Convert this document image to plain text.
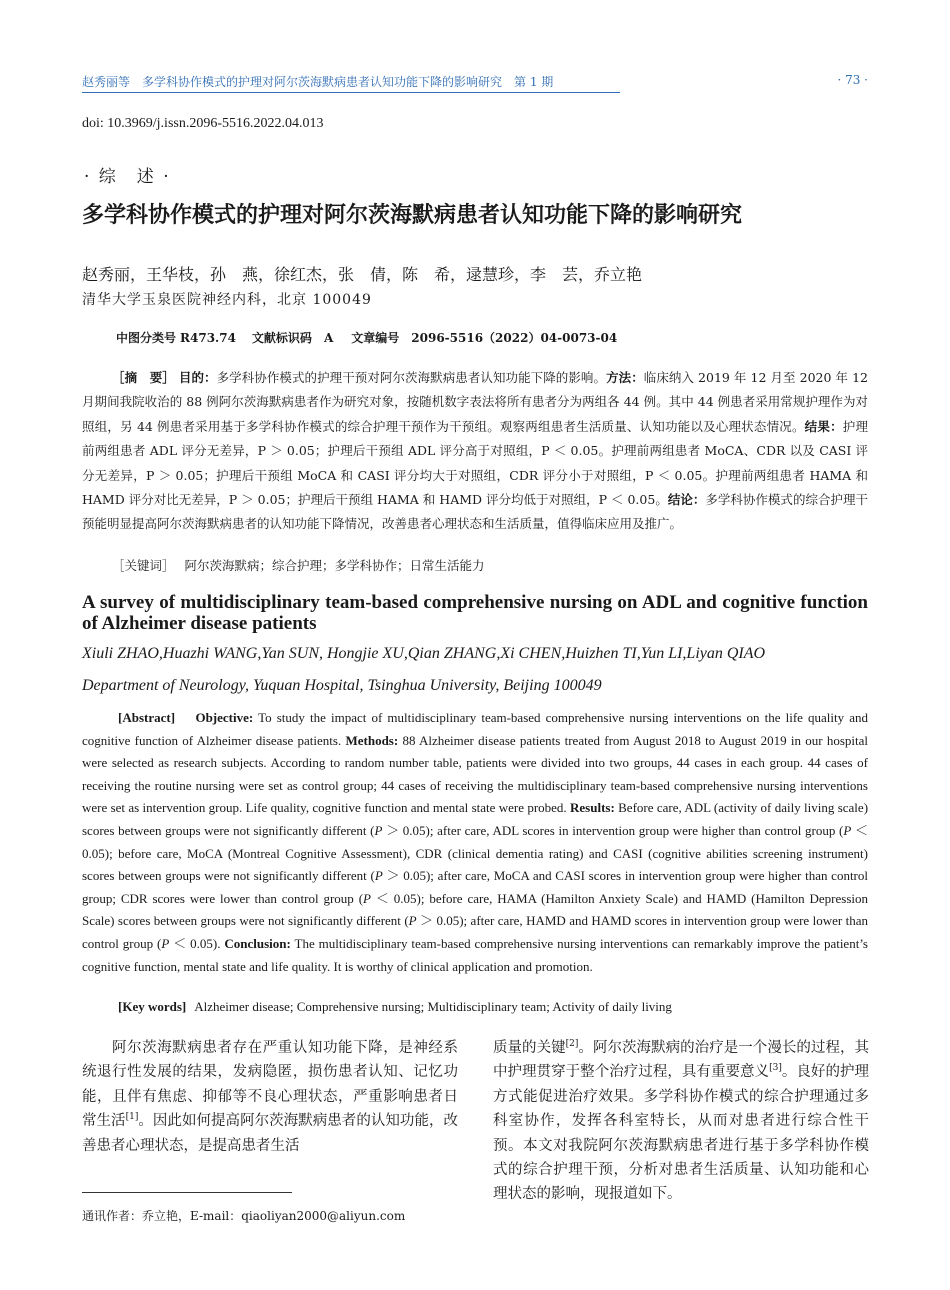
赵秀丽等　多学科协作模式的护理对阿尔茨海默病患者认知功能下降的影响研究　第 1 期	· 73 ·
doi: 10.3969/j.issn.2096-5516.2022.04.013
· 综　述 ·
多学科协作模式的护理对阿尔茨海默病患者认知功能下降的影响研究
赵秀丽，王华枝，孙　燕，徐红杰，张　倩，陈　希，逯慧珍，李　芸，乔立艳
清华大学玉泉医院神经内科，北京 100049
中图分类号 R473.74 文献标识码 A 文章编号 2096-5516（2022）04-0073-04

［摘　要］ 目的：多学科协作模式的护理干预对阿尔茨海默病患者认知功能下降的影响。方法：临床纳入 2019 年 12 月至 2020 年 12 月期间我院收治的 88 例阿尔茨海默病患者作为研究对象，按随机数字表法将所有患者分为两组各 44 例。其中 44 例患者采用常规护理作为对照组，另 44 例患者采用基于多学科协作模式的综合护理干预作为干预组。观察两组患者生活质量、认知功能以及心理状态情况。结果：护理前两组患者 ADL 评分无差异，P ＞ 0.05；护理后干预组 ADL 评分高于对照组，P ＜ 0.05。护理前两组患者 MoCA、CDR 以及 CASI 评分无差异，P ＞ 0.05；护理后干预组 MoCA 和 CASI 评分均大于对照组，CDR 评分小于对照组，P ＜ 0.05。护理前两组患者 HAMA 和 HAMD 评分对比无差异，P ＞ 0.05；护理后干预组 HAMA 和 HAMD 评分均低于对照组，P ＜ 0.05。结论：多学科协作模式的综合护理干预能明显提高阿尔茨海默病患者的认知功能下降情况，改善患者心理状态和生活质量，值得临床应用及推广。

［关键词］ 阿尔茨海默病；综合护理；多学科协作；日常生活能力

A survey of multidisciplinary team-based comprehensive nursing on ADL and cognitive function of Alzheimer disease patients

Xiuli ZHAO,Huazhi WANG,Yan SUN, Hongjie XU,Qian ZHANG,Xi CHEN,Huizhen TI,Yun LI,Liyan QIAO
Department of Neurology, Yuquan Hospital, Tsinghua University, Beijing 100049

[Abstract] Objective: To study the impact of multidisciplinary team-based comprehensive nursing interventions on the life quality and cognitive function of Alzheimer disease patients. Methods: 88 Alzheimer disease patients treated from August 2018 to August 2019 in our hospital were selected as research subjects. According to random number table, patients were divided into two groups, 44 cases in each group. 44 cases of receiving the routine nursing were set as control group; 44 cases of receiving the multidisciplinary team-based comprehensive nursing interventions were set as intervention group. Life quality, cognitive function and mental state were probed. Results: Before care, ADL (activity of daily living scale) scores between groups were not significantly different (P ＞ 0.05); after care, ADL scores in intervention group were higher than control group (P ＜ 0.05); before care, MoCA (Montreal Cognitive Assessment), CDR (clinical dementia rating) and CASI (cognitive abilities screening instrument) scores between groups were not significantly different (P ＞ 0.05); after care, MoCA and CASI scores in intervention group were higher than control group; CDR scores were lower than control group (P ＜ 0.05); before care, HAMA (Hamilton Anxiety Scale) and HAMD (Hamilton Depression Scale) scores between groups were not significantly different (P ＞ 0.05); after care, HAMD and HAMD scores in intervention group were lower than control group (P ＜ 0.05). Conclusion: The multidisciplinary team-based comprehensive nursing interventions can remarkably improve the patient’s cognitive function, mental state and life quality. It is worthy of clinical application and promotion.

[Key words] Alzheimer disease; Comprehensive nursing; Multidisciplinary team; Activity of daily living

阿尔茨海默病患者存在严重认知功能下降，是神经系统退行性发展的结果，发病隐匿，损伤患者认知、记忆功能，且伴有焦虑、抑郁等不良心理状态，严重影响患者日常生活[1]。因此如何提高阿尔茨海默病患者的认知功能，改善患者心理状态，是提高患者生活

质量的关键[2]。阿尔茨海默病的治疗是一个漫长的过程，其中护理贯穿于整个治疗过程，具有重要意义[3]。良好的护理方式能促进治疗效果。多学科协作模式的综合护理通过多科室协作，发挥各科室特长，从而对患者进行综合性干预。本文对我院阿尔茨海默病患者进行基于多学科协作模式的综合护理干预，分析对患者生活质量、认知功能和心理状态的影响，现报道如下。

通讯作者：乔立艳，E-mail：qiaoliyan2000@aliyun.com
